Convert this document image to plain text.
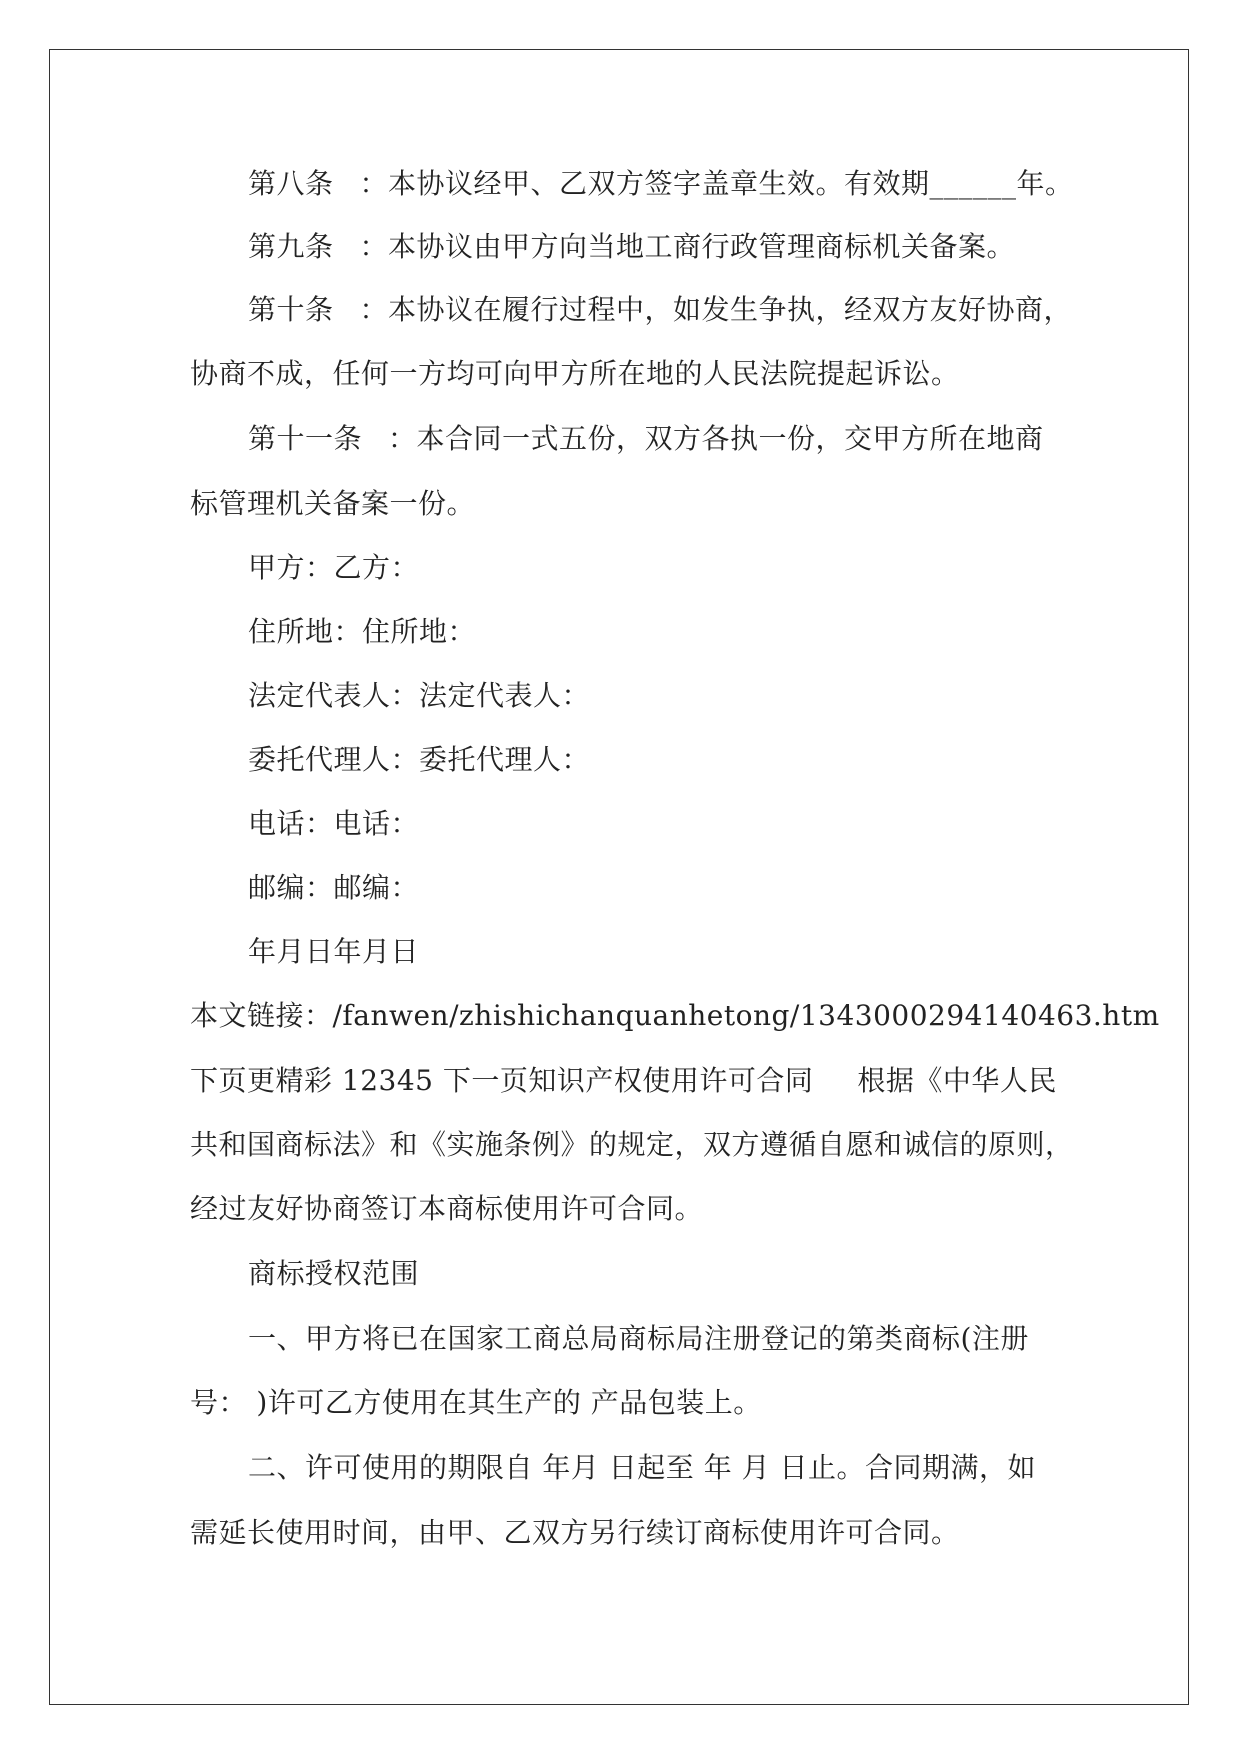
第八条 ：本协议经甲、乙双方签字盖章生效。有效期______年。
第九条 ：本协议由甲方向当地工商行政管理商标机关备案。
第十条 ：本协议在履行过程中，如发生争执，经双方友好协商，
协商不成，任何一方均可向甲方所在地的人民法院提起诉讼。
第十一条 ：本合同一式五份，双方各执一份，交甲方所在地商
标管理机关备案一份。
甲方：乙方：
住所地：住所地：
法定代表人：法定代表人：
委托代理人：委托代理人：
电话：电话：
邮编：邮编：
年月日年月日
本文链接：/fanwen/zhishichanquanhetong/1343000294140463.htm
下页更精彩 12345 下一页知识产权使用许可合同 根据《中华人民
共和国商标法》和《实施条例》的规定，双方遵循自愿和诚信的原则，
经过友好协商签订本商标使用许可合同。
商标授权范围
一、甲方将已在国家工商总局商标局注册登记的第类商标(注册
号： )许可乙方使用在其生产的 产品包装上。
二、许可使用的期限自 年月 日起至 年 月 日止。合同期满，如
需延长使用时间，由甲、乙双方另行续订商标使用许可合同。
